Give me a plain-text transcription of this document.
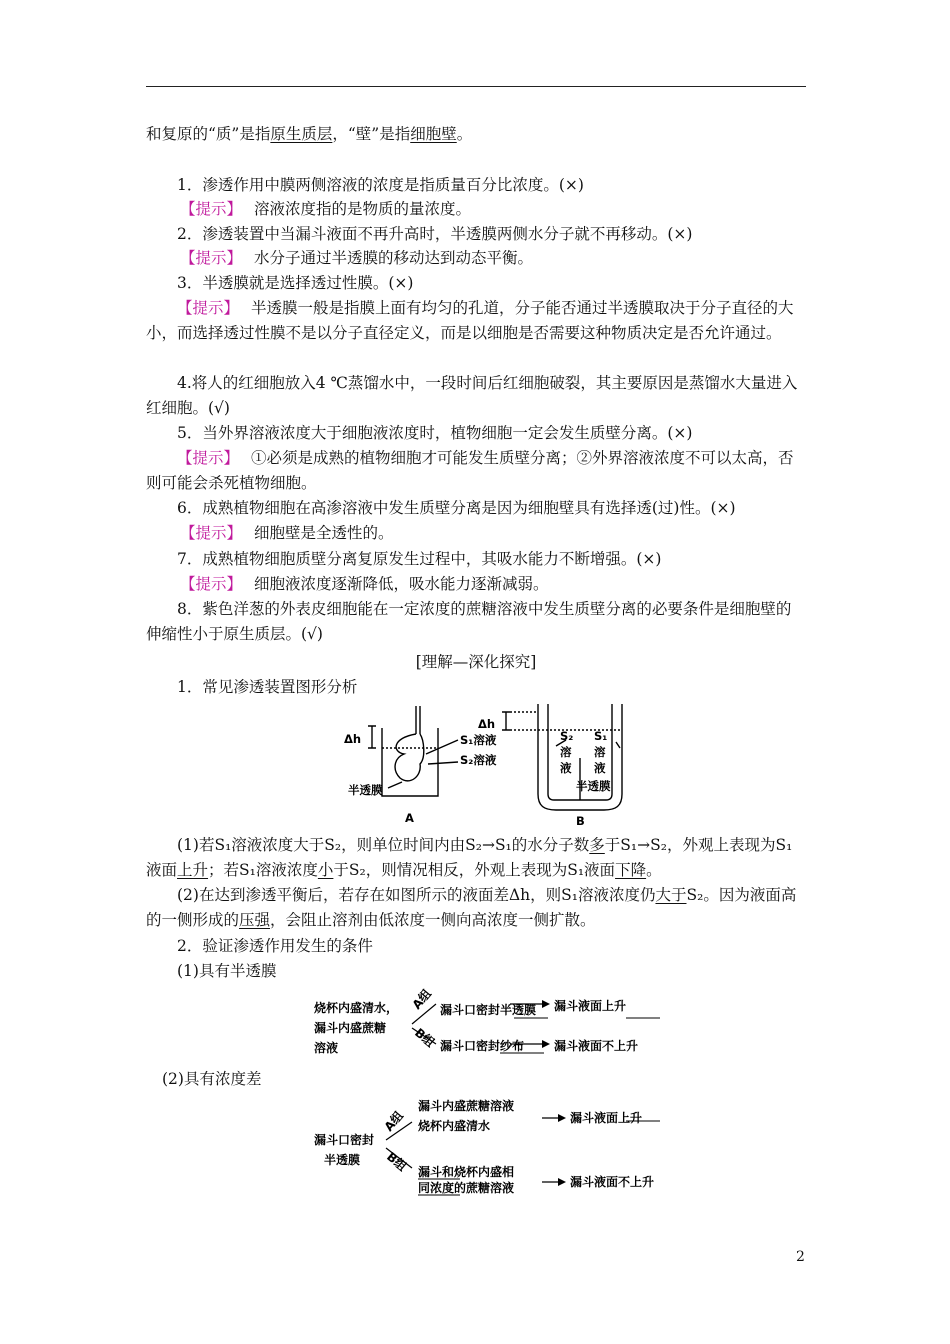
和复原的“质”是指原生质层，“壁”是指细胞壁。
1．渗透作用中膜两侧溶液的浓度是指质量百分比浓度。(×)
【提示】 溶液浓度指的是物质的量浓度。
2．渗透装置中当漏斗液面不再升高时，半透膜两侧水分子就不再移动。(×)
【提示】 水分子通过半透膜的移动达到动态平衡。
3．半透膜就是选择透过性膜。(×)
【提示】 半透膜一般是指膜上面有均匀的孔道，分子能否通过半透膜取决于分子直径的大小，而选择透过性膜不是以分子直径定义，而是以细胞是否需要这种物质决定是否允许通过。
4.将人的红细胞放入4 ℃蒸馏水中，一段时间后红细胞破裂，其主要原因是蒸馏水大量进入红细胞。(√)
5．当外界溶液浓度大于细胞液浓度时，植物细胞一定会发生质壁分离。(×)
【提示】 ①必须是成熟的植物细胞才可能发生质壁分离；②外界溶液浓度不可以太高，否则可能会杀死植物细胞。
6．成熟植物细胞在高渗溶液中发生质壁分离是因为细胞壁具有选择透(过)性。(×)
【提示】 细胞壁是全透性的。
7．成熟植物细胞质壁分离复原发生过程中，其吸水能力不断增强。(×)
【提示】 细胞液浓度逐渐降低，吸水能力逐渐减弱。
8．紫色洋葱的外表皮细胞能在一定浓度的蔗糖溶液中发生质壁分离的必要条件是细胞壁的伸缩性小于原生质层。(√)
[理解—深化探究]
1．常见渗透装置图形分析
Δh	S₁溶液
S₂溶液
半透膜
A
Δh
S₂
溶
液
S₁
溶
液
半透膜
B
(1)若S₁溶液浓度大于S₂，则单位时间内由S₂→S₁的水分子数多于S₁→S₂，外观上表现为S₁液面上升；若S₁溶液浓度小于S₂，则情况相反，外观上表现为S₁液面下降。
(2)在达到渗透平衡后，若存在如图所示的液面差Δh，则S₁溶液浓度仍大于S₂。因为液面高的一侧形成的压强，会阻止溶剂由低浓度一侧向高浓度一侧扩散。
2．验证渗透作用发生的条件
(1)具有半透膜
烧杯内盛清水，
漏斗内盛蔗糖
溶液
A组
B组
漏斗口密封半透膜 漏斗液面上升
漏斗口密封纱布 漏斗液面不上升
(2)具有浓度差
漏斗口密封
半透膜
A组
B组
漏斗内盛蔗糖溶液
烧杯内盛清水
漏斗液面上升
漏斗和烧杯内盛相
同浓度的蔗糖溶液	漏斗液面不上升
2
